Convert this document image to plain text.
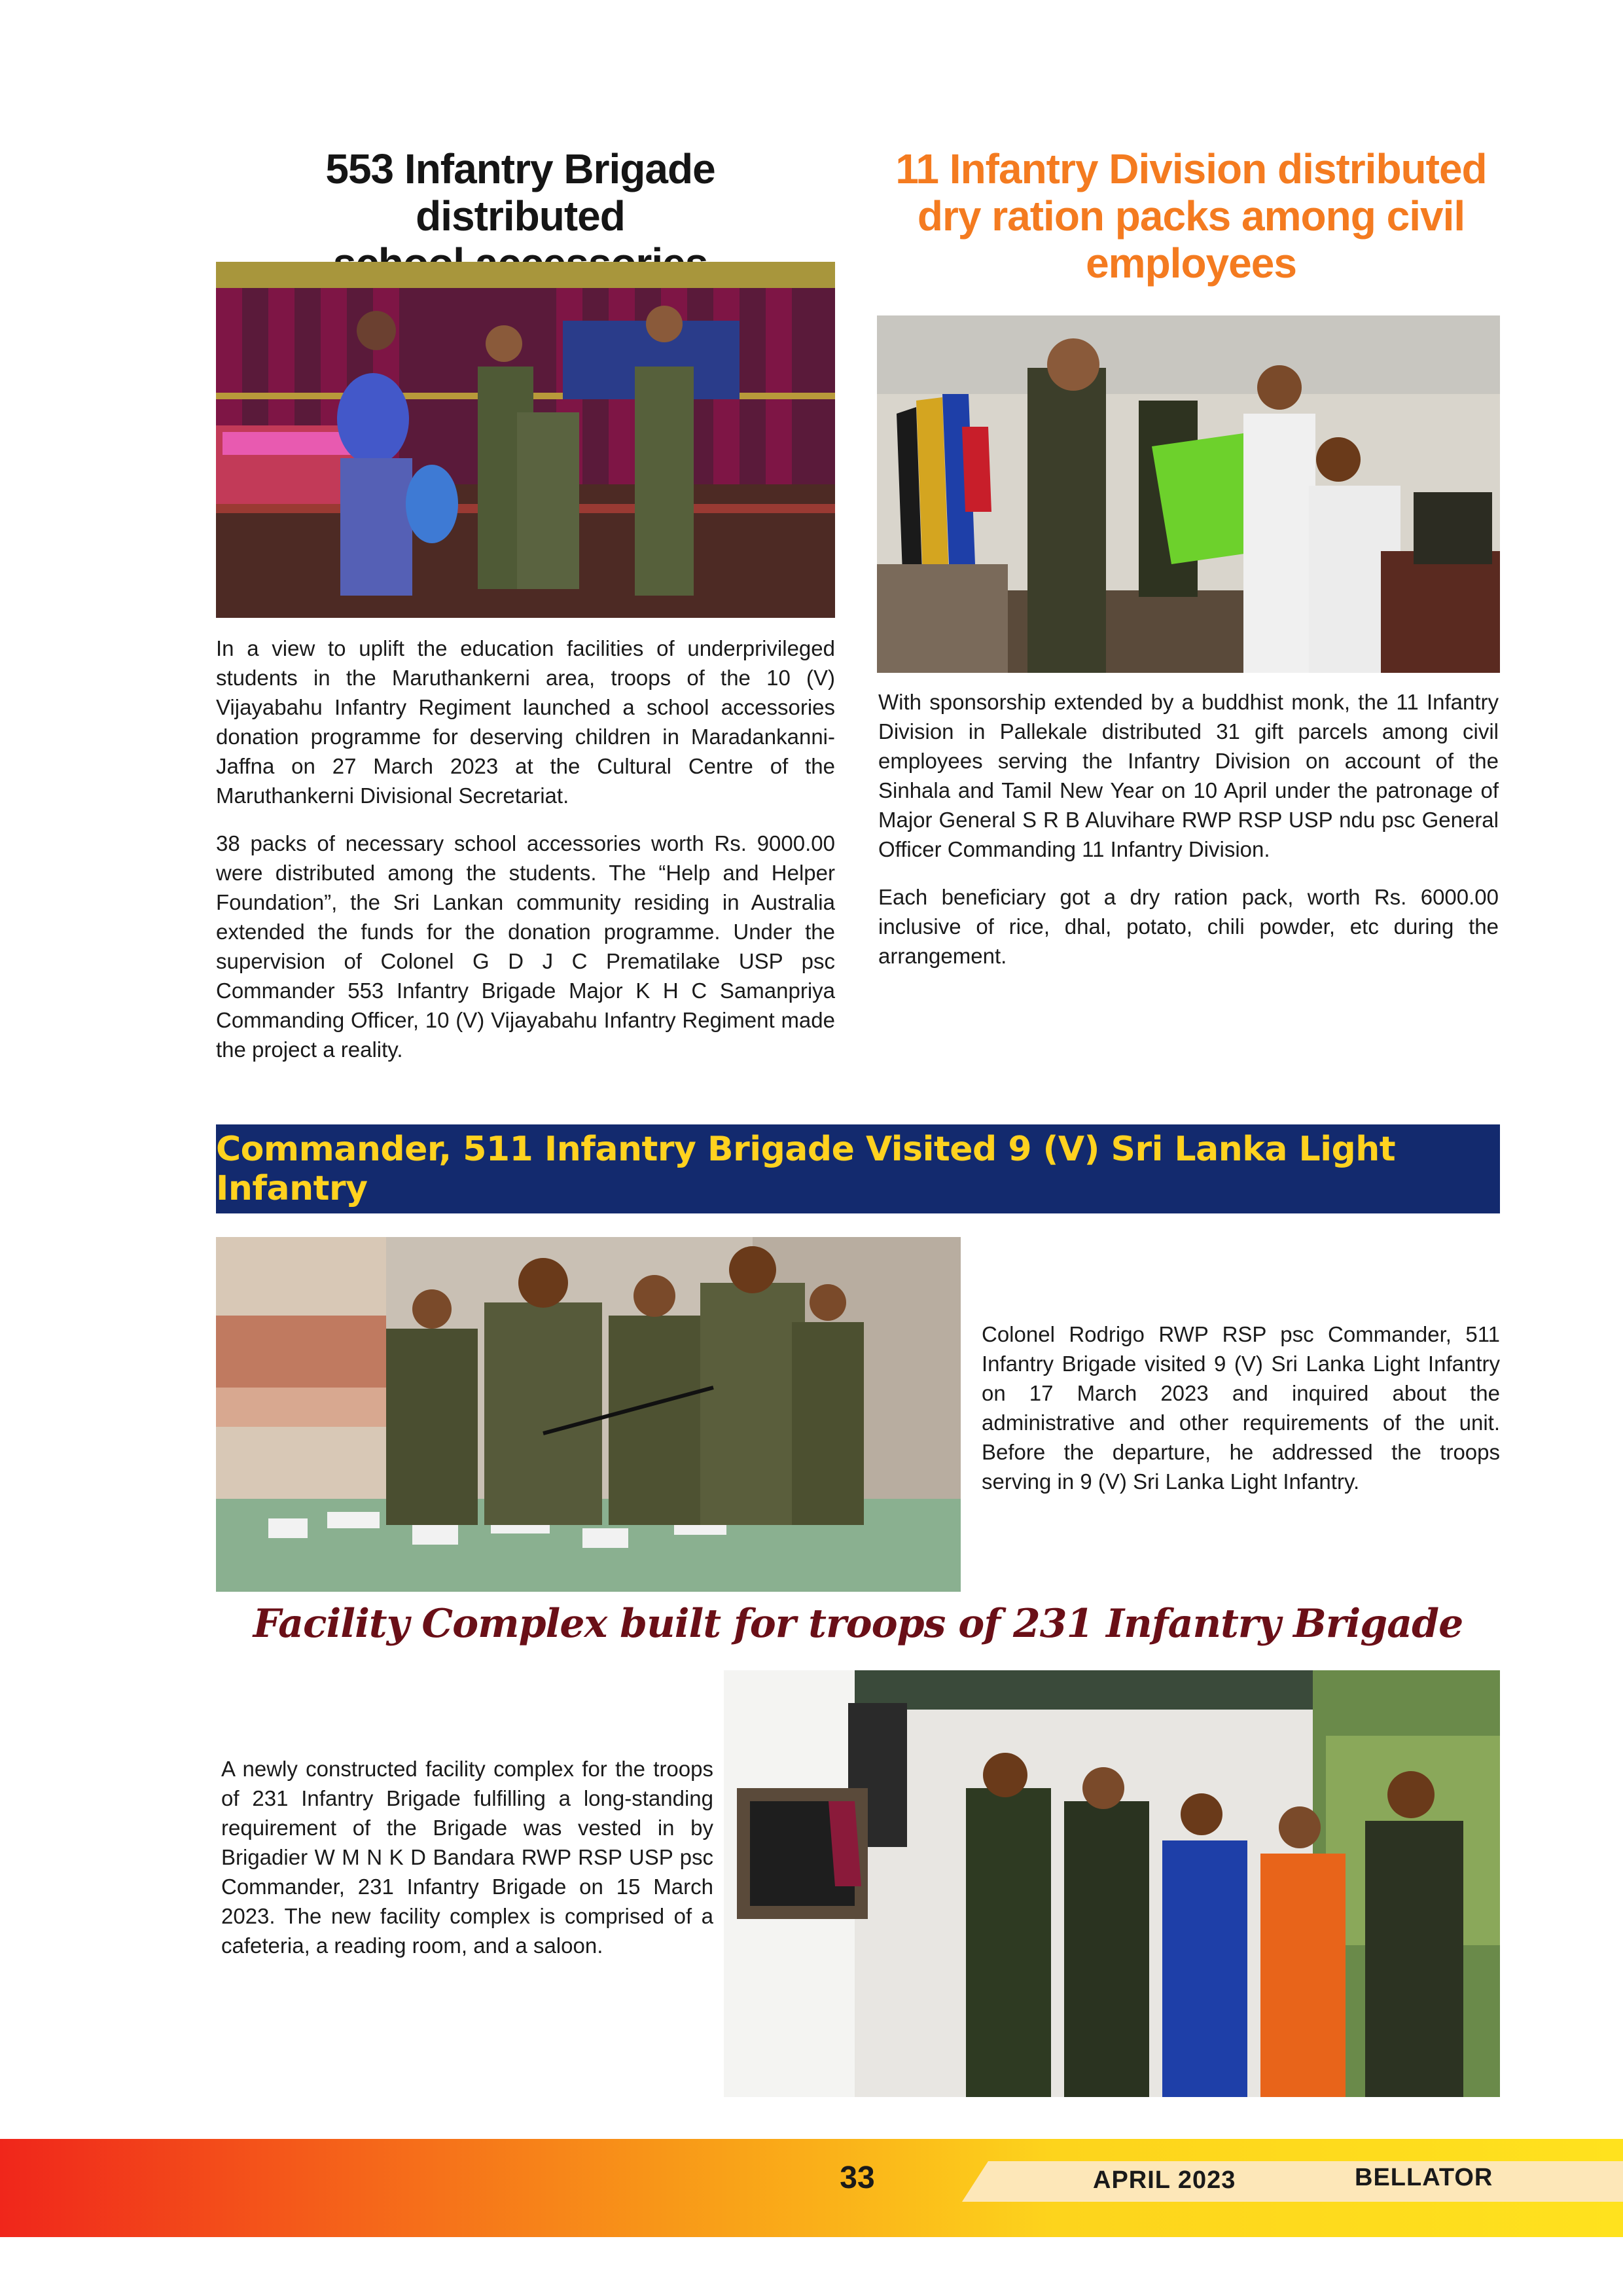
553 Infantry Brigade distributed
11 Infantry Division distributed
dry ration packs among civil
employees

In a view to uplift the education facilities of underprivileged students in the Maruthankerni area, troops of the 10 (V) Vijayabahu Infantry Regiment launched a school accessories donation programme for deserving children in Maradankanni-Jaffna on 27 March 2023 at the Cultural Centre of the Maruthankerni Divisional Secretariat.

38 packs of necessary school accessories worth Rs. 9000.00 were distributed among the students. The “Help and Helper Foundation”, the Sri Lankan community residing in Australia extended the funds for the donation programme. Under the supervision of Colonel G D J C Prematilake USP psc Commander 553 Infantry Brigade Major K H C Samanpriya Commanding Officer, 10 (V) Vijayabahu Infantry Regiment made the project a reality.

With sponsorship extended by a buddhist monk, the 11 Infantry Division in Pallekale distributed 31 gift parcels among civil employees serving the Infantry Division on account of the Sinhala and Tamil New Year on 10 April under the patronage of Major General S R B Aluvihare RWP RSP USP ndu psc General Officer Commanding 11 Infantry Division.

Each beneficiary got a dry ration pack, worth Rs. 6000.00 inclusive of rice, dhal, potato, chili powder, etc during the arrangement.

Commander, 511 Infantry Brigade Visited 9 (V) Sri Lanka Light Infantry

Colonel Rodrigo RWP RSP psc Commander, 511 Infantry Brigade visited 9 (V) Sri Lanka Light Infantry on 17 March 2023 and inquired about the administrative and other requirements of the unit. Before the departure, he addressed the troops serving in 9 (V) Sri Lanka Light Infantry.

Facility Complex built for troops of 231 Infantry Brigade

A newly constructed facility complex for the troops of 231 Infantry Brigade fulfilling a long-standing requirement of the Brigade was vested in by Brigadier W M N K D Bandara RWP RSP USP psc Commander, 231 Infantry Brigade on 15 March 2023. The new facility complex is comprised of a cafeteria, a reading room, and a saloon.

33	APRIL 2023	BELLATOR
